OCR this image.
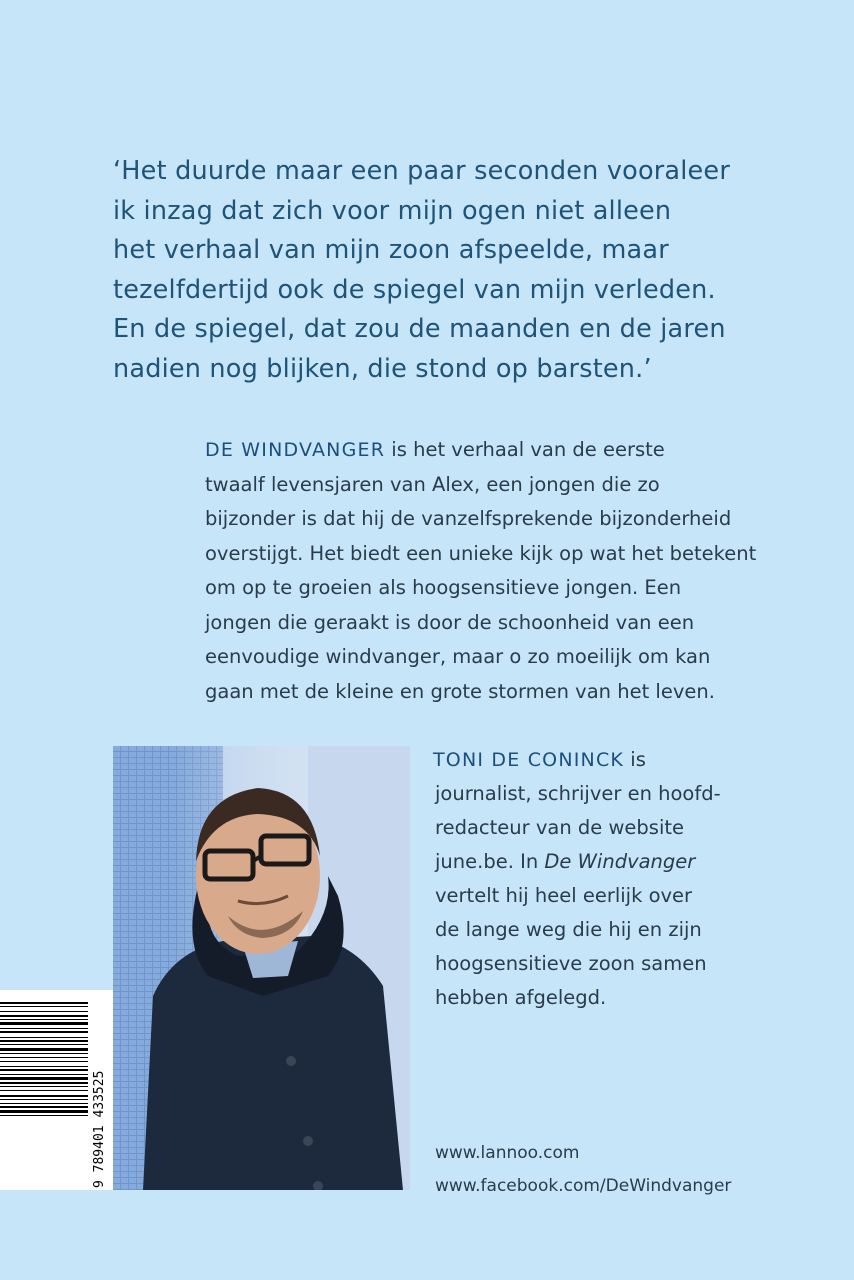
‘Het duurde maar een paar seconden vooraleer
ik inzag dat zich voor mijn ogen niet alleen
het verhaal van mijn zoon afspeelde, maar
tezelfdertijd ook de spiegel van mijn verleden.
En de spiegel, dat zou de maanden en de jaren
nadien nog blijken, die stond op barsten.’
DE WINDVANGER is het verhaal van de eerste
twaalf levensjaren van Alex, een jongen die zo
bijzonder is dat hij de vanzelfsprekende bijzonderheid
overstijgt. Het biedt een unieke kijk op wat het betekent
om op te groeien als hoogsensitieve jongen. Een
jongen die geraakt is door de schoonheid van een
eenvoudige windvanger, maar o zo moeilijk om kan
gaan met de kleine en grote stormen van het leven.
TONI DE CONINCK is
journalist, schrijver en hoofd-
redacteur van de website
june.be. In De Windvanger
vertelt hij heel eerlijk over
de lange weg die hij en zijn
hoogsensitieve zoon samen
hebben afgelegd.
www.lannoo.com
www.facebook.com/DeWindvanger
9 789401 433525
